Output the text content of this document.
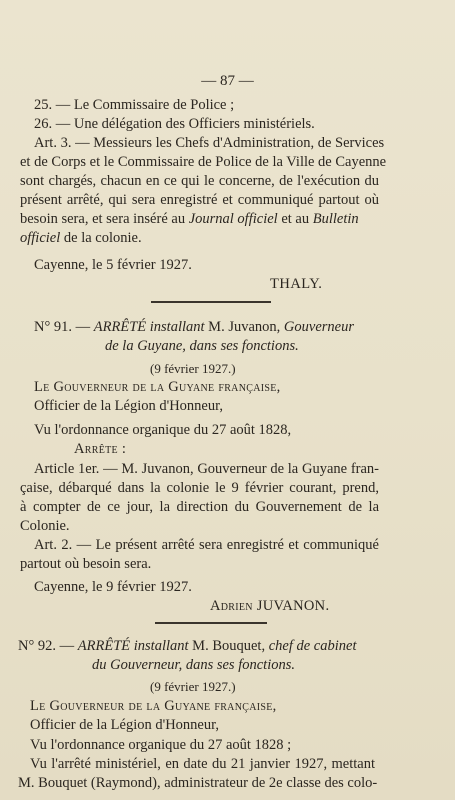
— 87 —
25. — Le Commissaire de Police ;
26. — Une délégation des Officiers ministériels.
Art. 3. — Messieurs les Chefs d'Administration, de Services
et de Corps et le Commissaire de Police de la Ville de Cayenne
sont chargés, chacun en ce qui le concerne, de l'exécution du
présent arrêté, qui sera enregistré et communiqué partout où
besoin sera, et sera inséré au Journal officiel et au Bulletin
officiel de la colonie.
Cayenne, le 5 février 1927.
THALY.
N° 91. — ARRÊTÉ installant M. Juvanon, Gouverneur
de la Guyane, dans ses fonctions.
(9 février 1927.)
Le Gouverneur de la Guyane française,
Officier de la Légion d'Honneur,
Vu l'ordonnance organique du 27 août 1828,
Arrête :
Article 1er. — M. Juvanon, Gouverneur de la Guyane fran-
çaise, débarqué dans la colonie le 9 février courant, prend,
à compter de ce jour, la direction du Gouvernement de la
Colonie.
Art. 2. — Le présent arrêté sera enregistré et communiqué
partout où besoin sera.
Cayenne, le 9 février 1927.
Adrien JUVANON.
N° 92. — ARRÊTÉ installant M. Bouquet, chef de cabinet
du Gouverneur, dans ses fonctions.
(9 février 1927.)
Le Gouverneur de la Guyane française,
Officier de la Légion d'Honneur,
Vu l'ordonnance organique du 27 août 1828 ;
Vu l'arrêté ministériel, en date du 21 janvier 1927, mettant
M. Bouquet (Raymond), administrateur de 2e classe des colo-
